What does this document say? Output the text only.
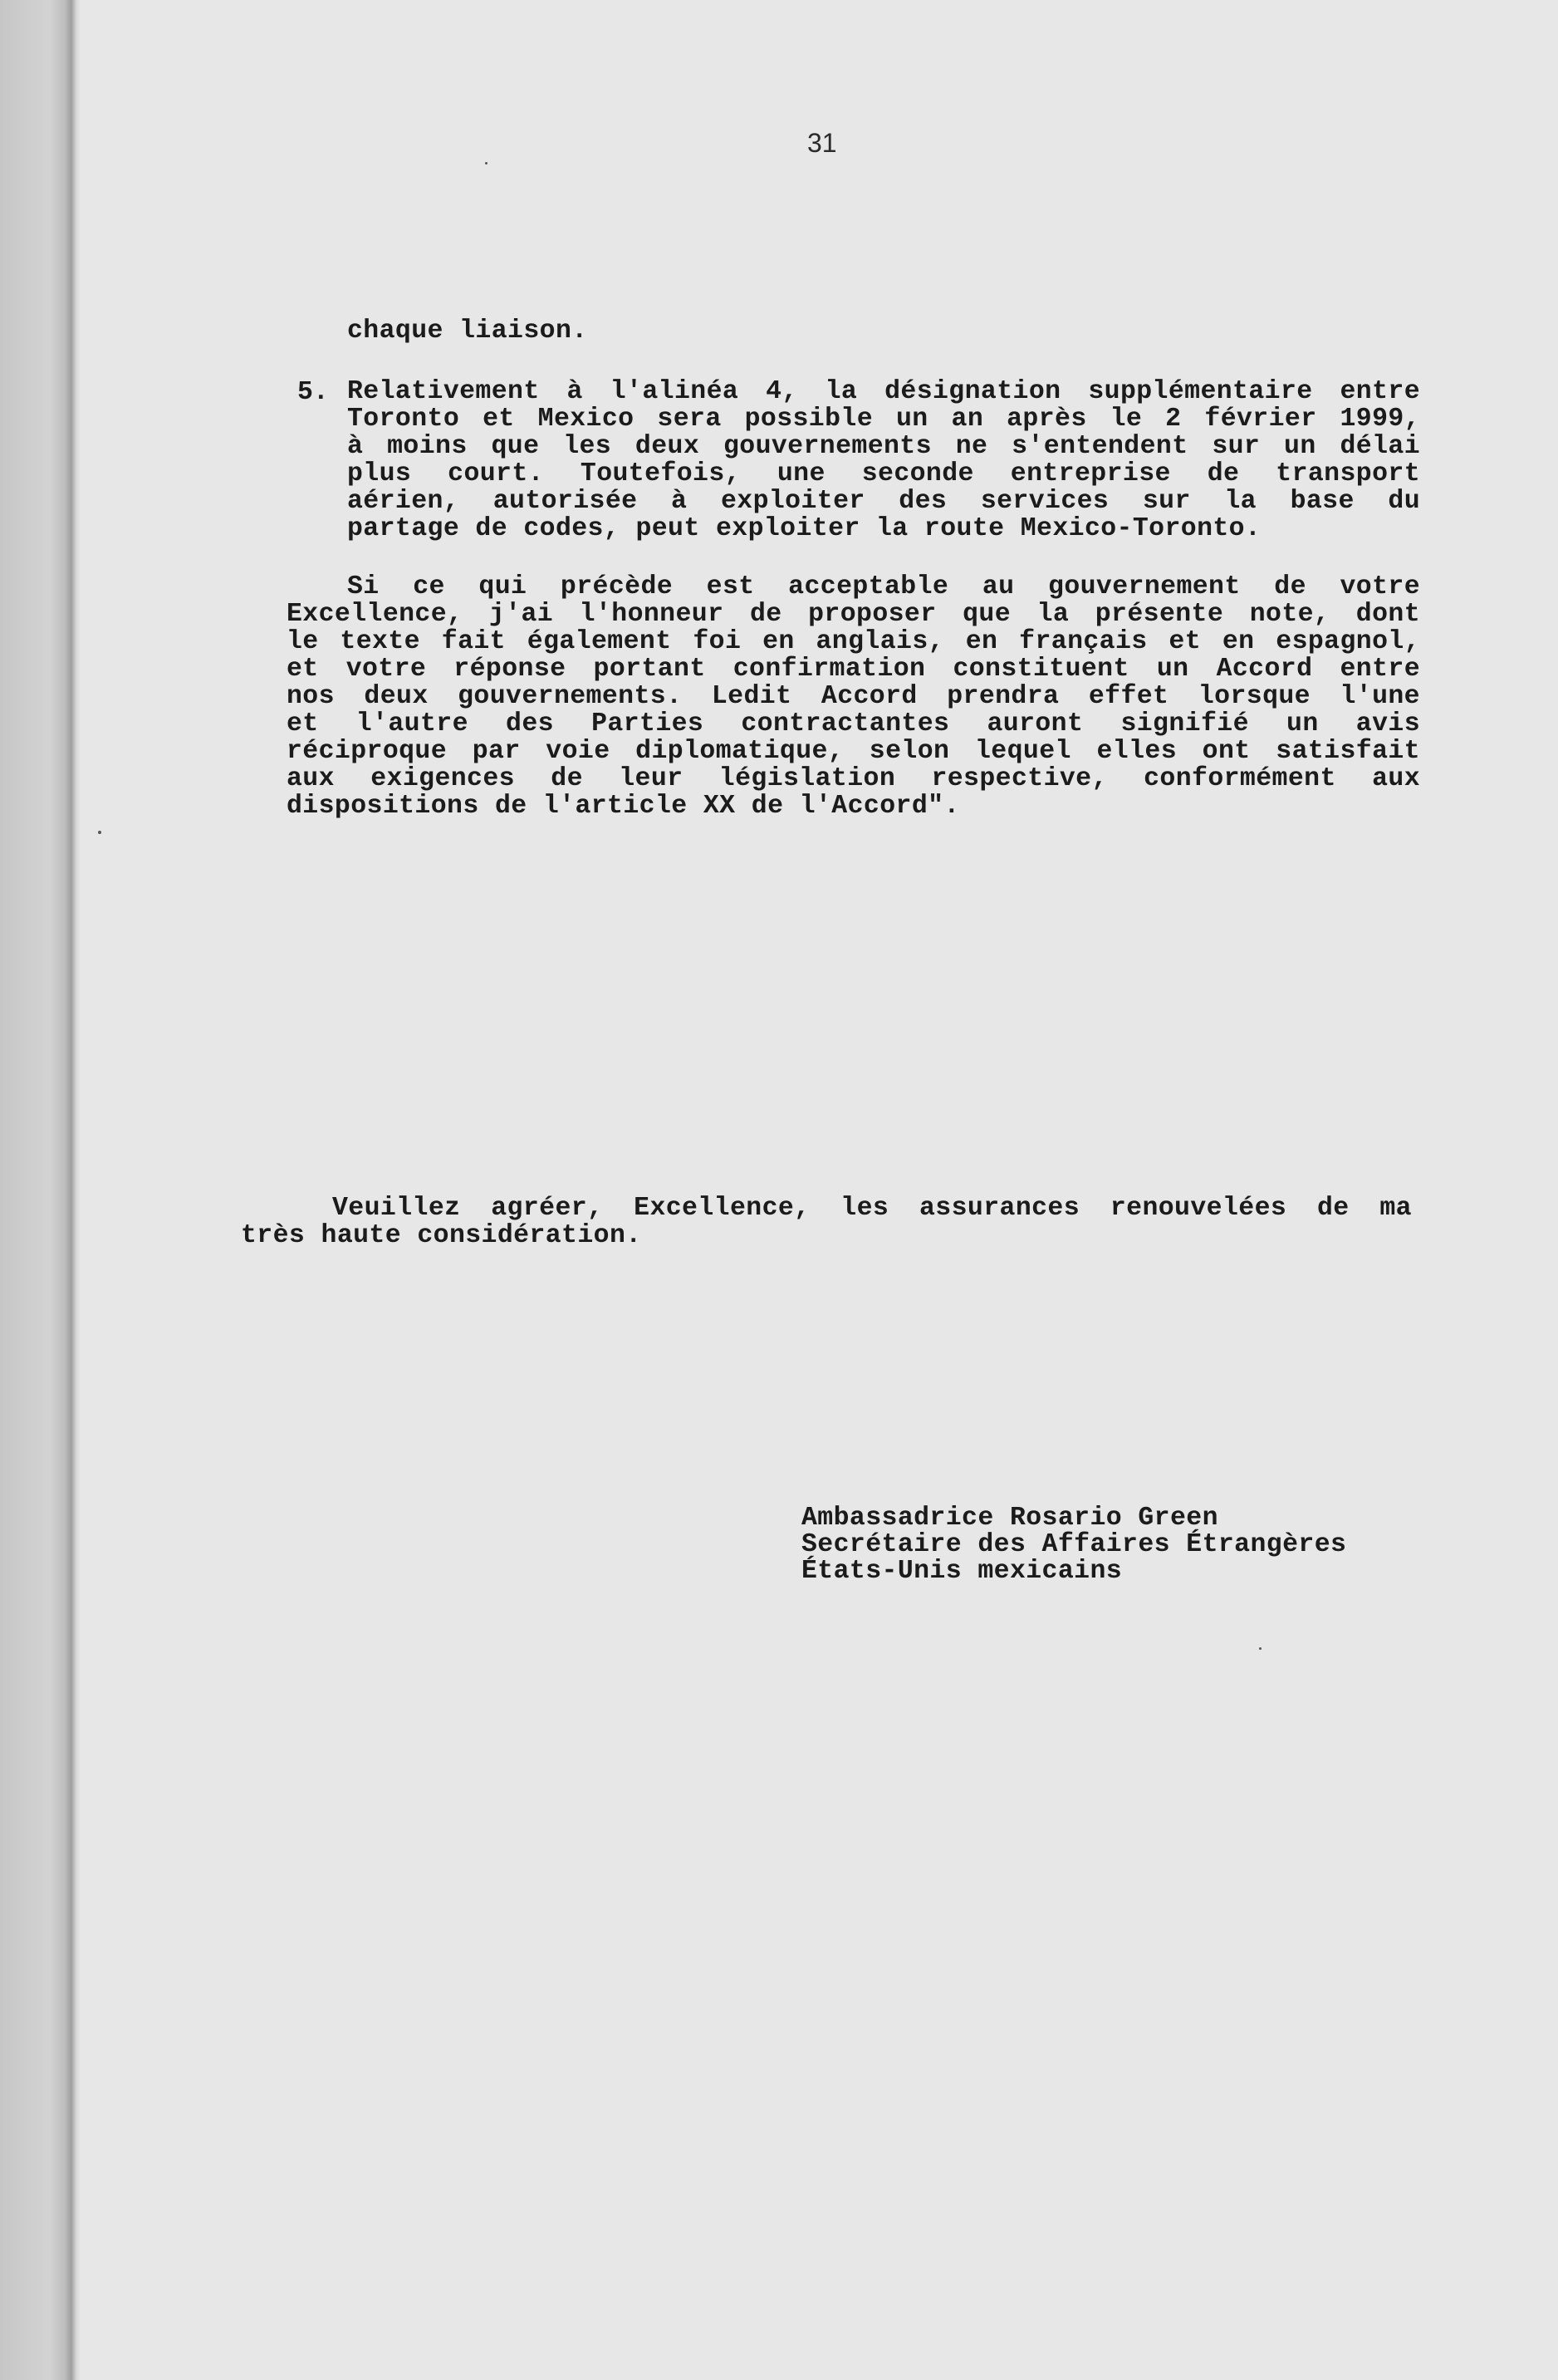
31
chaque liaison.
5. Relativement à l'alinéa 4, la désignation supplémentaire entre
Toronto et Mexico sera possible un an après le 2 février 1999,
à moins que les deux gouvernements ne s'entendent sur un délai
plus court. Toutefois, une seconde entreprise de transport
aérien, autorisée à exploiter des services sur la base du
partage de codes, peut exploiter la route Mexico-Toronto.
Si ce qui précède est acceptable au gouvernement de votre
Excellence, j'ai l'honneur de proposer que la présente note, dont
le texte fait également foi en anglais, en français et en espagnol,
et votre réponse portant confirmation constituent un Accord entre
nos deux gouvernements. Ledit Accord prendra effet lorsque l'une
et l'autre des Parties contractantes auront signifié un avis
réciproque par voie diplomatique, selon lequel elles ont satisfait
aux exigences de leur législation respective, conformément aux
dispositions de l'article XX de l'Accord".
Veuillez agréer, Excellence, les assurances renouvelées de ma
très haute considération.
Ambassadrice Rosario Green
Secrétaire des Affaires Étrangères
États-Unis mexicains
